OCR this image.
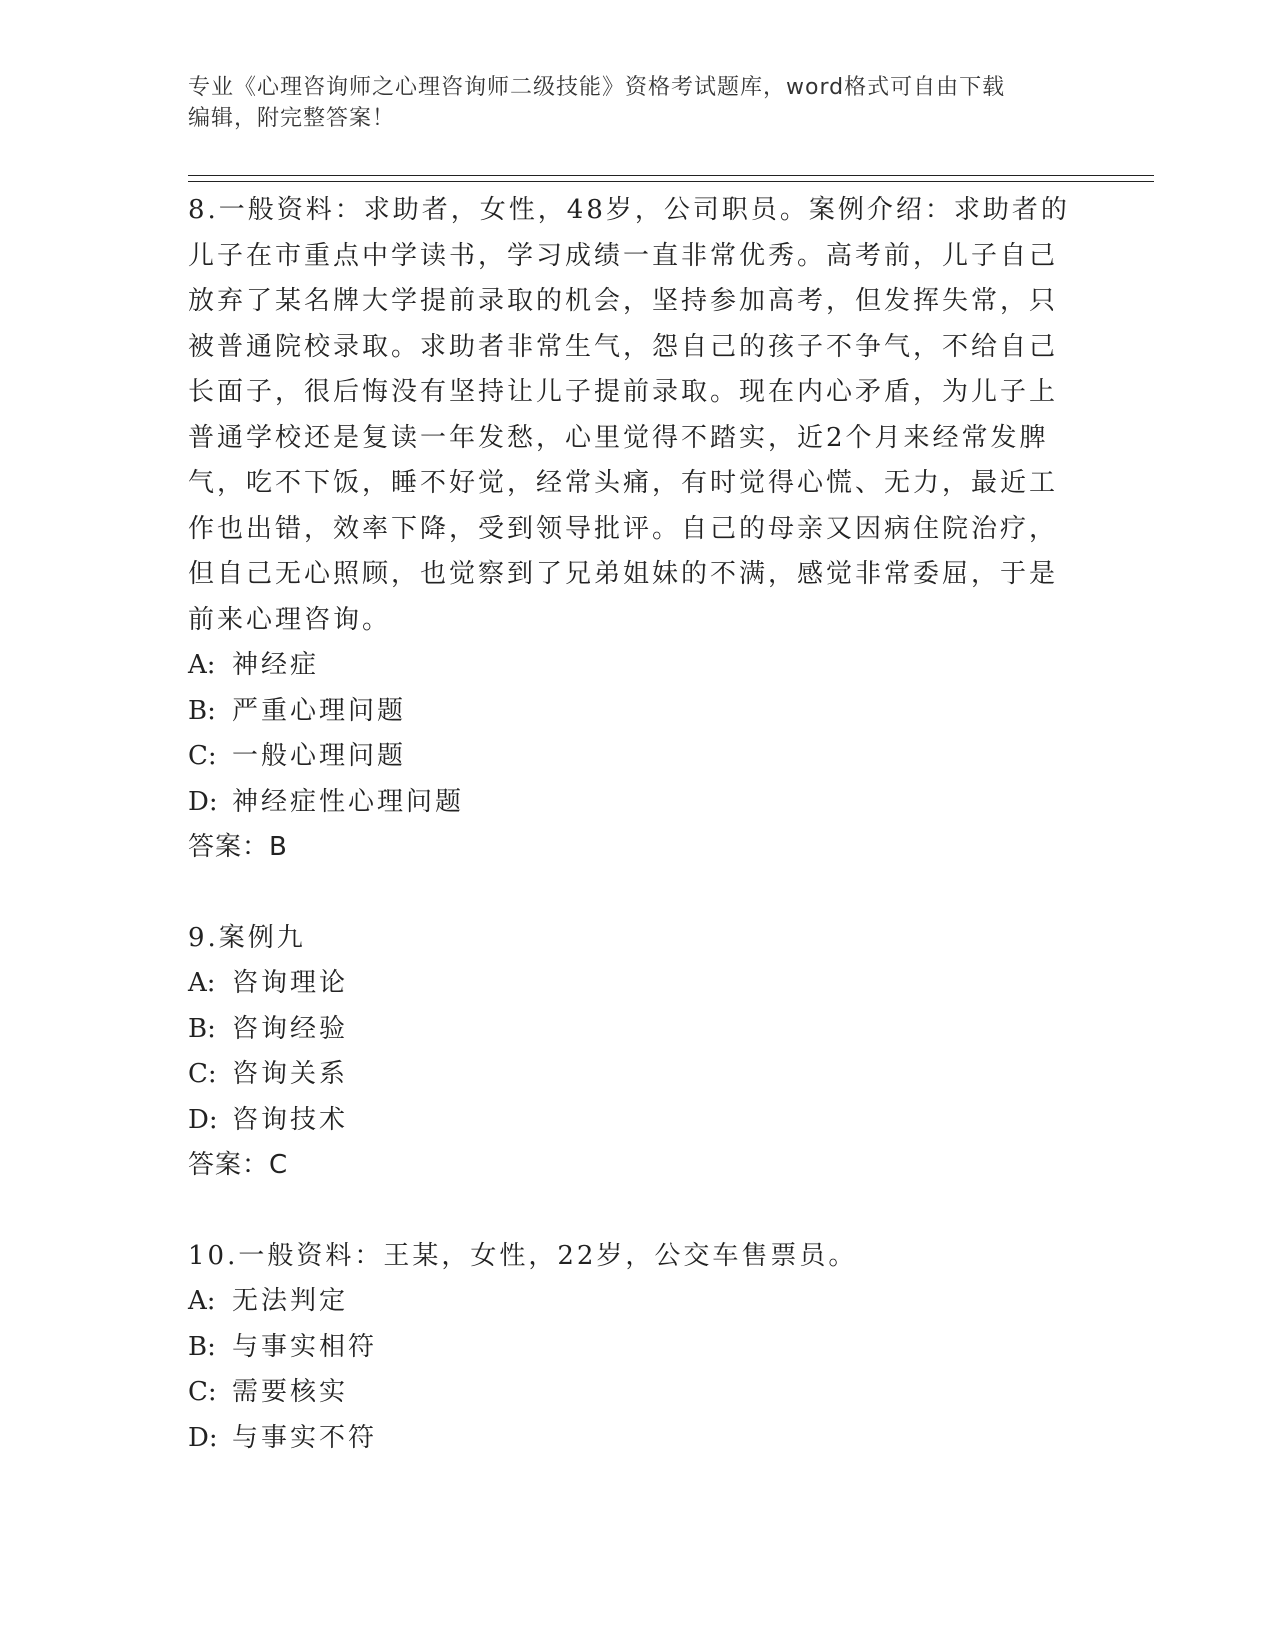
专业《心理咨询师之心理咨询师二级技能》资格考试题库，word格式可自由下载
编辑，附完整答案！
8.一般资料：求助者，女性，48岁，公司职员。案例介绍：求助者的
儿子在市重点中学读书，学习成绩一直非常优秀。高考前，儿子自己
放弃了某名牌大学提前录取的机会，坚持参加高考，但发挥失常，只
被普通院校录取。求助者非常生气，怨自己的孩子不争气，不给自己
长面子，很后悔没有坚持让儿子提前录取。现在内心矛盾，为儿子上
普通学校还是复读一年发愁，心里觉得不踏实，近2个月来经常发脾
气，吃不下饭，睡不好觉，经常头痛，有时觉得心慌、无力，最近工
作也出错，效率下降，受到领导批评。自己的母亲又因病住院治疗，
但自己无心照顾，也觉察到了兄弟姐妹的不满，感觉非常委屈，于是
前来心理咨询。
A: 神经症
B: 严重心理问题
C: 一般心理问题
D: 神经症性心理问题
答案：B
9.案例九
A: 咨询理论
B: 咨询经验
C: 咨询关系
D: 咨询技术
答案：C
10.一般资料：王某，女性，22岁，公交车售票员。
A: 无法判定
B: 与事实相符
C: 需要核实
D: 与事实不符
